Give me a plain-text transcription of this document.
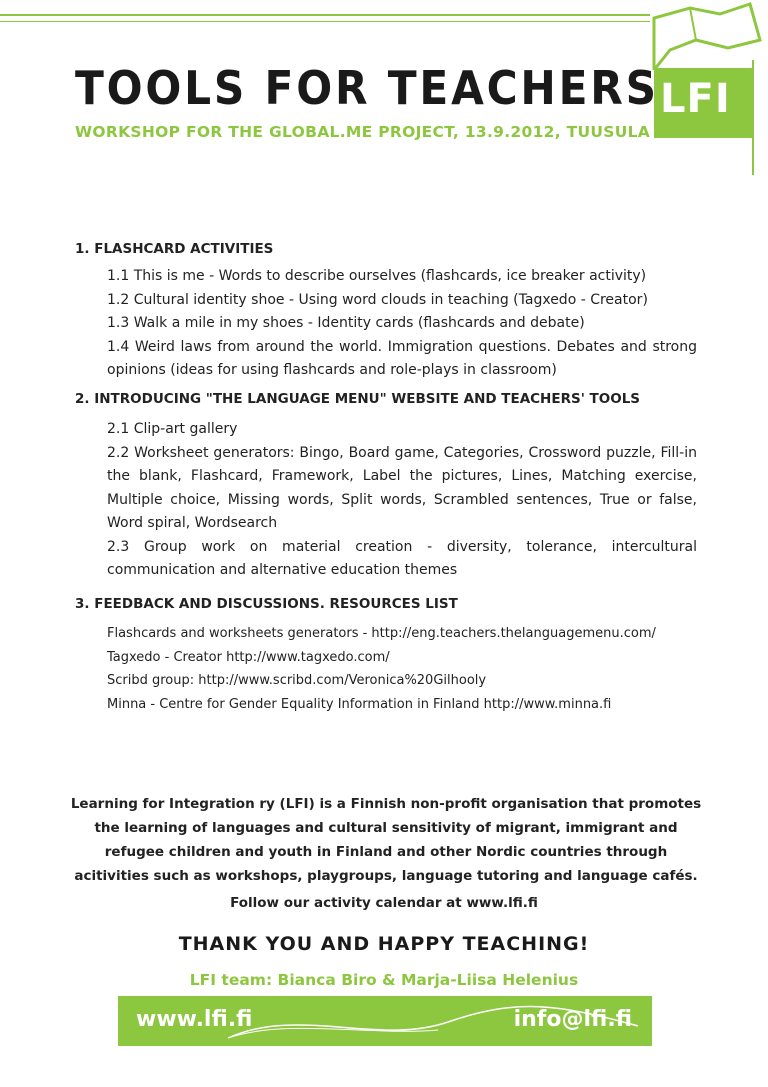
LFI
TOOLS FOR TEACHERS

WORKSHOP FOR THE GLOBAL.ME PROJECT, 13.9.2012, TUUSULA

1. FLASHCARD ACTIVITIES

1.1 This is me - Words to describe ourselves (flashcards, ice breaker activity)

1.2 Cultural identity shoe - Using word clouds in teaching (Tagxedo - Creator)

1.3 Walk a mile in my shoes - Identity cards (flashcards and debate)

1.4 Weird laws from around the world. Immigration questions. Debates and strong opinions (ideas for using flashcards and role-plays in classroom)

2. INTRODUCING "THE LANGUAGE MENU" WEBSITE AND TEACHERS' TOOLS

2.1 Clip-art gallery

2.2 Worksheet generators: Bingo, Board game, Categories, Crossword puzzle, Fill-in the blank, Flashcard, Framework, Label the pictures, Lines, Matching exercise, Multiple choice, Missing words, Split words, Scrambled sentences, True or false, Word spiral, Wordsearch

2.3 Group work on material creation - diversity, tolerance, intercultural communication and alternative education themes

3. FEEDBACK AND DISCUSSIONS. RESOURCES LIST

Flashcards and worksheets generators - http://eng.teachers.thelanguagemenu.com/

Tagxedo - Creator http://www.tagxedo.com/

Scribd group: http://www.scribd.com/Veronica%20Gilhooly

Minna - Centre for Gender Equality Information in Finland http://www.minna.fi

Learning for Integration ry (LFI) is a Finnish non-profit organisation that promotes the learning of languages and cultural sensitivity of migrant, immigrant and refugee children and youth in Finland and other Nordic countries through acitivities such as workshops, playgroups, language tutoring and language cafés.

Follow our activity calendar at www.lfi.fi

THANK YOU AND HAPPY TEACHING!

LFI team: Bianca Biro & Marja-Liisa Helenius

www.lfi.fi	info@lfi.fi
